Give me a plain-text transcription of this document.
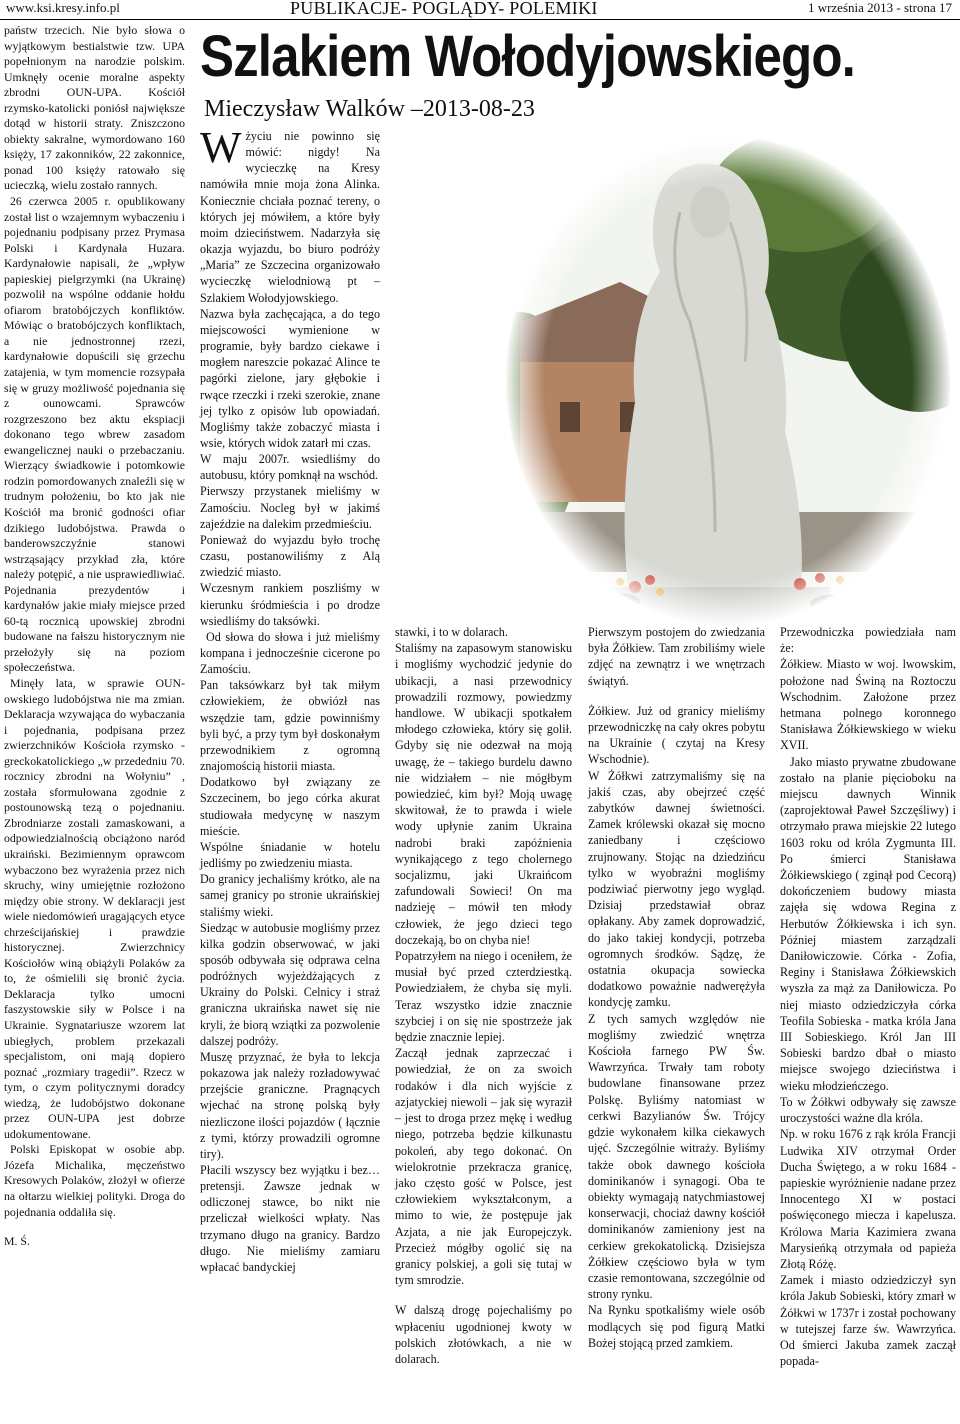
www.ksi.kresy.info.pl	PUBLIKACJE- POGLĄDY- POLEMIKI	1 września 2013 - strona 17

państw trzecich. Nie było słowa o wyjątkowym bestialstwie tzw. UPA popełnionym na narodzie polskim. Umknęły ocenie moralne aspekty zbrodni OUN-UPA. Kościół rzymsko-katolicki poniósł największe dotąd w historii straty. Zniszczono obiekty sakralne, wymordowano 160 księży, 17 zakonników, 22 zakonnice, ponad 100 księży ratowało się ucieczką, wielu zostało rannych.

26 czerwca 2005 r. opublikowany został list o wzajemnym wybaczeniu i pojednaniu podpisany przez Prymasa Polski i Kardynała Huzara. Kardynałowie napisali, że „wpływ papieskiej pielgrzymki (na Ukrainę) pozwolił na wspólne oddanie hołdu ofiarom bratobójczych konfliktów. Mówiąc o bratobójczych konfliktach, a nie jednostronnej rzezi, kardynałowie dopuścili się grzechu zatajenia, w tym momencie rozsypała się w gruzy możliwość pojednania się z ounowcami. Sprawców rozgrzeszono bez aktu ekspiacji dokonano tego wbrew zasadom ewangelicznej nauki o przebaczaniu. Wierzący świadkowie i potomkowie rodzin pomordowanych znaleźli się w trudnym położeniu, bo kto jak nie Kościół ma bronić godności ofiar dzikiego ludobójstwa. Prawda o banderowszczyźnie stanowi wstrząsający przykład zła, które należy potępić, a nie usprawiedliwiać. Pojednania prezydentów i kardynałów jakie miały miejsce przed 60-tą rocznicą upowskiej zbrodni budowane na fałszu historycznym nie przełożyły się na poziom społeczeństwa.

Minęły lata, w sprawie OUN-owskiego ludobójstwa nie ma zmian. Deklaracja wzywająca do wybaczania i pojednania, podpisana przez zwierzchników Kościoła rzymsko - greckokatolickiego „w przededniu 70. rocznicy zbrodni na Wołyniu” , została sformułowana zgodnie z postounowską tezą o pojednaniu. Zbrodniarze zostali zamaskowani, a odpowiedzialnością obciążono naród ukraiński. Bezimiennym oprawcom wybaczono bez wyrażenia przez nich skruchy, winy umiejętnie rozłożono między obie strony. W deklaracji jest wiele niedomówień uragających etyce chrześcijańskiej i prawdzie historycznej. Zwierzchnicy Kościołów winą obiążyli Polaków za to, że ośmielili się bronić życia. Deklaracja tylko umocni faszystowskie siły w Polsce i na Ukrainie. Sygnatariusze wzorem lat ubiegłych, problem przekazali specjalistom, oni mają dopiero poznać „rozmiary tragedii”. Rzecz w tym, o czym politycznymi doradcy wiedzą, że ludobójstwo dokonane przez OUN-UPA jest dobrze udokumentowane.

Polski Episkopat w osobie abp. Józefa Michalika, męczeństwo Kresowych Polaków, złożył w ofierze na ołtarzu wielkiej polityki. Droga do pojednania oddaliła się.

M. Ś.

Szlakiem Wołodyjowskiego.
Mieczysław Walków –2013-08-23

W życiu nie powinno się mówić: nigdy! Na wycieczkę na Kresy namówiła mnie moja żona Alinka. Koniecznie chciała poznać tereny, o których jej mówiłem, a które były moim dzieciństwem. Nadarzyła się okazja wyjazdu, bo biuro podróży „Maria” ze Szczecina organizowało wycieczkę wielodniową pt –Szlakiem Wołodyjowskiego.

Nazwa była zachęcająca, a do tego miejscowości wymienione w programie, były bardzo ciekawe i mogłem nareszcie pokazać Alince te pagórki zielone, jary głębokie i rwące rzeczki i rzeki szerokie, znane jej tylko z opisów lub opowiadań. Mogliśmy także zobaczyć miasta i wsie, których widok zatarł mi czas.

W maju 2007r. wsiedliśmy do autobusu, który pomknął na wschód.

Pierwszy przystanek mieliśmy w Zamościu. Nocleg był w jakimś zajeździe na dalekim przedmieściu.

Ponieważ do wyjazdu było trochę czasu, postanowiliśmy z Alą zwiedzić miasto.

Wczesnym rankiem poszliśmy w kierunku śródmieścia i po drodze wsiedliśmy do taksówki.

Od słowa do słowa i już mieliśmy kompana i jednocześnie cicerone po Zamościu.

Pan taksówkarz był tak miłym człowiekiem, że obwiózł nas wszędzie tam, gdzie powinniśmy byli być, a przy tym był doskonałym przewodnikiem z ogromną znajomością historii miasta.

Dodatkowo był związany ze Szczecinem, bo jego córka akurat studiowała medycynę w naszym mieście.

Wspólne śniadanie w hotelu jedliśmy po zwiedzeniu miasta.

Do granicy jechaliśmy krótko, ale na samej granicy po stronie ukraińskiej staliśmy wieki.

Siedząc w autobusie mogliśmy przez kilka godzin obserwować, w jaki sposób odbywała się odprawa celna podróżnych wyjeżdżających z Ukrainy do Polski. Celnicy i straż graniczna ukraińska nawet się nie kryli, że biorą wziątki za pozwolenie dalszej podróży.

Muszę przyznać, że była to lekcja pokazowa jak należy rozładowywać przejście graniczne. Pragnących wjechać na stronę polską były niezliczone ilości pojazdów ( łącznie z tymi, którzy prowadzili ogromne tiry).

Płacili wszyscy bez wyjątku i bez… pretensji. Zawsze jednak w odliczonej stawce, bo nikt nie przeliczał wielkości wpłaty. Nas trzymano długo na granicy. Bardzo długo. Nie mieliśmy zamiaru wpłacać bandyckiej

stawki, i to w dolarach.

Staliśmy na zapasowym stanowisku i mogliśmy wychodzić jedynie do ubikacji, a nasi przewodnicy prowadzili rozmowy, powiedzmy handlowe. W ubikacji spotkałem młodego człowieka, który się golił. Gdyby się nie odezwał na moją uwagę, że – takiego burdelu dawno nie widziałem – nie mógłbym powiedzieć, kim był? Moją uwagę skwitował, że to prawda i wiele wody upłynie zanim Ukraina nadrobi braki zapóźnienia wynikającego z tego cholernego socjalizmu, jaki Ukraińcom zafundowali Sowieci! On ma nadzieję – mówił ten młody człowiek, że jego dzieci tego doczekają, bo on chyba nie!

Popatrzyłem na niego i oceniłem, że musiał być przed czterdziestką. Powiedziałem, że chyba się myli. Teraz wszystko idzie znacznie szybciej i on się nie spostrzeże jak będzie znacznie lepiej.

Zaczął jednak zaprzeczać i powiedział, że on za swoich rodaków i dla nich wyjście z azjatyckiej niewoli – jak się wyraził – jest to droga przez mękę i według niego, potrzeba będzie kilkunastu pokoleń, aby tego dokonać. On wielokrotnie przekracza granicę, jako często gość w Polsce, jest człowiekiem wykształconym, a mimo to wie, że postępuje jak Azjata, a nie jak Europejczyk. Przecież mógłby ogolić się na granicy polskiej, a goli się tutaj w tym smrodzie.

W dalszą drogę pojechaliśmy po wpłaceniu ugodnionej kwoty w polskich złotówkach, a nie w dolarach.

Pierwszym postojem do zwiedzania była Żółkiew. Tam zrobiliśmy wiele zdjęć na zewnątrz i we wnętrzach świątyń.

Żółkiew. Już od granicy mieliśmy przewodniczkę na cały okres pobytu na Ukrainie ( czytaj na Kresy Wschodnie).

W Żółkwi zatrzymaliśmy się na jakiś czas, aby obejrzeć część zabytków dawnej świetności. Zamek królewski okazał się mocno zaniedbany i częściowo zrujnowany. Stojąc na dziedzińcu tylko w wyobraźni mogliśmy podziwiać pierwotny jego wygląd. Dzisiaj przedstawiał obraz opłakany. Aby zamek doprowadzić, do jako takiej kondycji, potrzeba ogromnych środków. Sądzę, że ostatnia okupacja sowiecka dodatkowo poważnie nadwerężyła kondycję zamku.

Z tych samych względów nie mogliśmy zwiedzić wnętrza Kościoła farnego PW Św. Wawrzyńca. Trwały tam roboty budowlane finansowane przez Polskę. Byliśmy natomiast w cerkwi Bazylianów Św. Trójcy gdzie wykonałem kilka ciekawych ujęć. Szczególnie witraży. Byliśmy także obok dawnego kościoła dominikanów i synagogi. Oba te obiekty wymagają natychmiastowej konserwacji, chociaż dawny kościół dominikanów zamieniony jest na cerkiew grekokatolicką. Dzisiejsza Żółkiew częściowo była w tym czasie remontowana, szczególnie od strony rynku.

Na Rynku spotkaliśmy wiele osób modlących się pod figurą Matki Bożej stojącą przed zamkiem.

Przewodniczka powiedziała nam że:

Żółkiew. Miasto w woj. lwowskim, położone nad Świną na Roztoczu Wschodnim. Założone przez hetmana polnego koronnego Stanisława Żółkiewskiego w wieku XVII.

Jako miasto prywatne zbudowane zostało na planie pięcioboku na miejscu dawnych Winnik (zaprojektował Paweł Szczęśliwy) i otrzymało prawa miejskie 22 lutego 1603 roku od króla Zygmunta III. Po śmierci Stanisława Żółkiewskiego ( zginął pod Cecorą) dokończeniem budowy miasta zajęła się wdowa Regina z Herbutów Żółkiewska i ich syn. Później miastem zarządzali Daniłowiczowie. Córka - Zofia, Reginy i Stanisława Żółkiewskich wyszła za mąż za Daniłowicza. Po niej miasto odziedziczyła córka Teofila Sobieska - matka króla Jana III Sobieskiego. Król Jan III Sobieski bardzo dbał o miasto miejsce swojego dzieciństwa i wieku młodzieńczego.

To w Żółkwi odbywały się zawsze uroczystości ważne dla króla.

Np. w roku 1676 z rąk króla Francji Ludwika XIV otrzymał Order Ducha Świętego, a w roku 1684 - papieskie wyróżnienie nadane przez Innocentego XI w postaci poświęconego miecza i kapelusza. Królowa Maria Kazimiera zwana Marysieńką otrzymała od papieża Złotą Różę.

Zamek i miasto odziedziczył syn króla Jakub Sobieski, który zmarł w Żółkwi w 1737r i został pochowany w tutejszej farze św. Wawrzyńca. Od śmierci Jakuba zamek zaczął popada-
